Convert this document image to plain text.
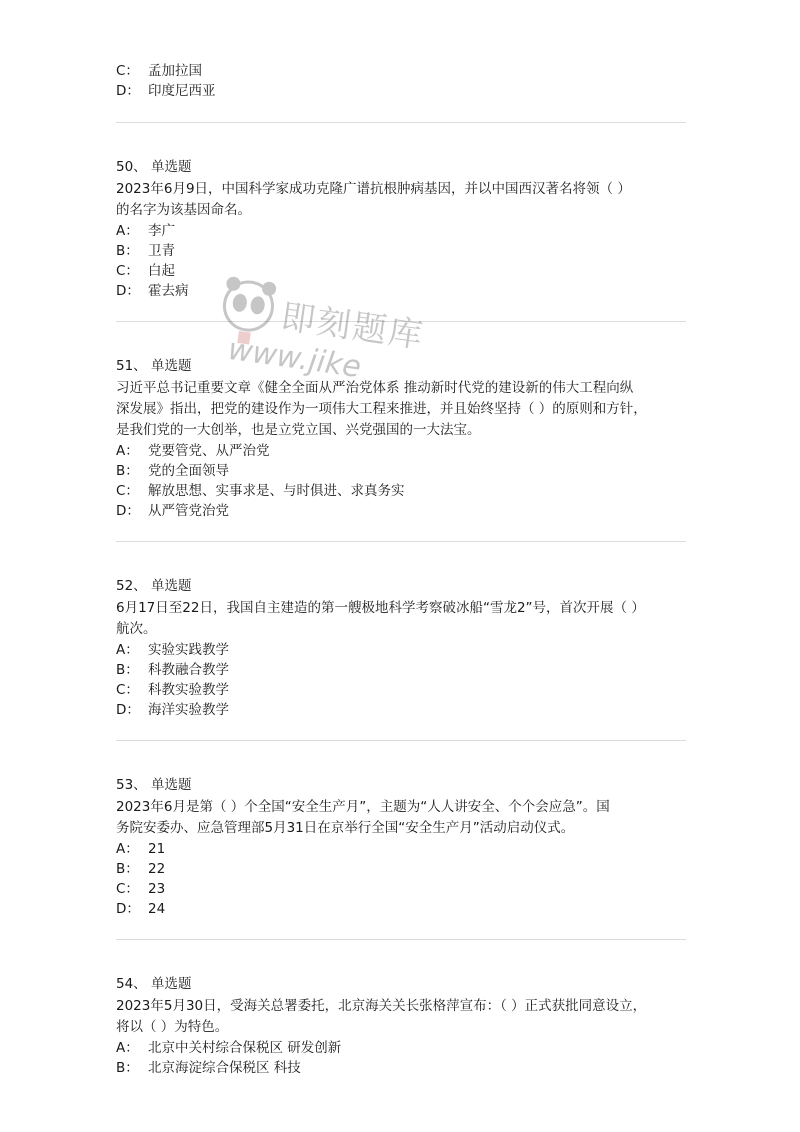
C： 孟加拉国
D： 印度尼西亚
50、 单选题
2023年6月9日，中国科学家成功克隆广谱抗根肿病基因，并以中国西汉著名将领（ ）
的名字为该基因命名。
A： 李广
B： 卫青
C： 白起
D： 霍去病
51、 单选题
习近平总书记重要文章《健全全面从严治党体系 推动新时代党的建设新的伟大工程向纵
深发展》指出，把党的建设作为一项伟大工程来推进，并且始终坚持（ ）的原则和方针，
是我们党的一大创举，也是立党立国、兴党强国的一大法宝。
A： 党要管党、从严治党
B： 党的全面领导
C： 解放思想、实事求是、与时俱进、求真务实
D： 从严管党治党
52、 单选题
6月17日至22日，我国自主建造的第一艘极地科学考察破冰船“雪龙2”号，首次开展（ ）
航次。
A： 实验实践教学
B： 科教融合教学
C： 科教实验教学
D： 海洋实验教学
53、 单选题
2023年6月是第（ ）个全国“安全生产月”，主题为“人人讲安全、个个会应急”。国
务院安委办、应急管理部5月31日在京举行全国“安全生产月”活动启动仪式。
A： 21
B： 22
C： 23
D： 24
54、 单选题
2023年5月30日，受海关总署委托，北京海关关长张格萍宣布：（ ）正式获批同意设立，
将以（ ）为特色。
A： 北京中关村综合保税区 研发创新
B： 北京海淀综合保税区 科技
即刻题库
www.jike
